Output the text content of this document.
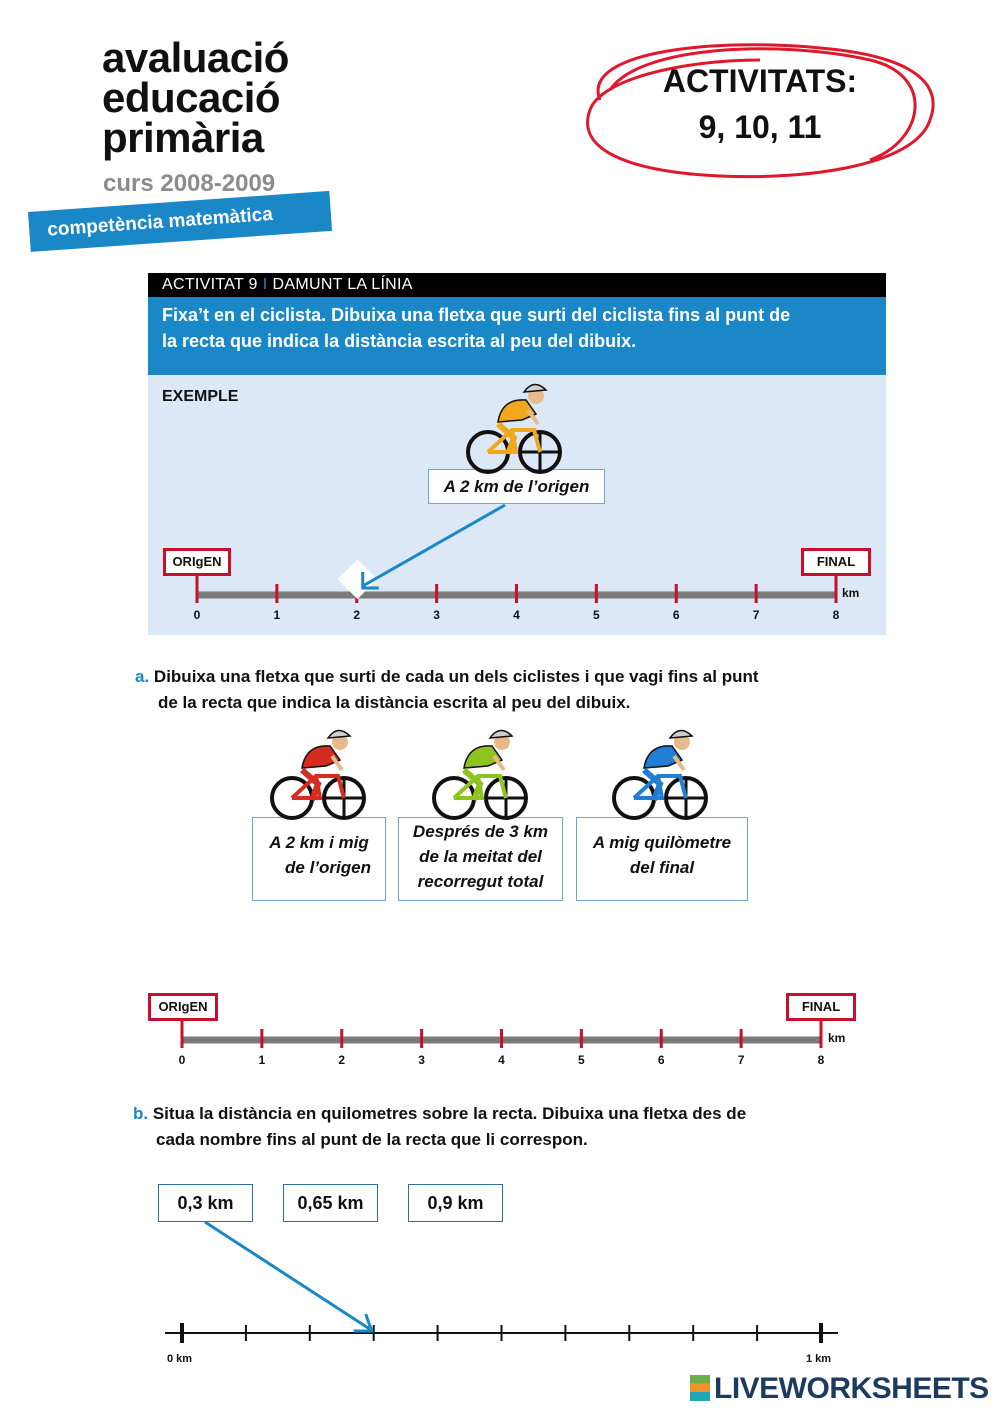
avaluació
educació
primària
curs 2008-2009
competència matemàtica
ACTIVITATS:
9, 10, 11
ACTIVITAT 9 I DAMUNT LA LÍNIA
Fixa’t en el ciclista. Dibuixa una fletxa que surti del ciclista fins al punt de
la recta que indica la distància escrita al peu del dibuix.
EXEMPLE
A 2 km de l’origen
ORIgEN	FINAL
km
0	1	2	3	4	5	6	7	8
a. Dibuixa una fletxa que surti de cada un dels ciclistes i que vagi fins al punt
de la recta que indica la distància escrita al peu del dibuix.
A 2 km i mig
de l’origen
Després de 3 km
de la meitat del
recorregut total
A mig quilòmetre
del final
ORIgEN	FINAL
km
0	1	2	3	4	5	6	7	8
b. Situa la distància en quilometres sobre la recta. Dibuixa una fletxa des de
cada nombre fins al punt de la recta que li correspon.
0,3 km	0,65 km	0,9 km
0 km	1 km
LIVEWORKSHEETS
